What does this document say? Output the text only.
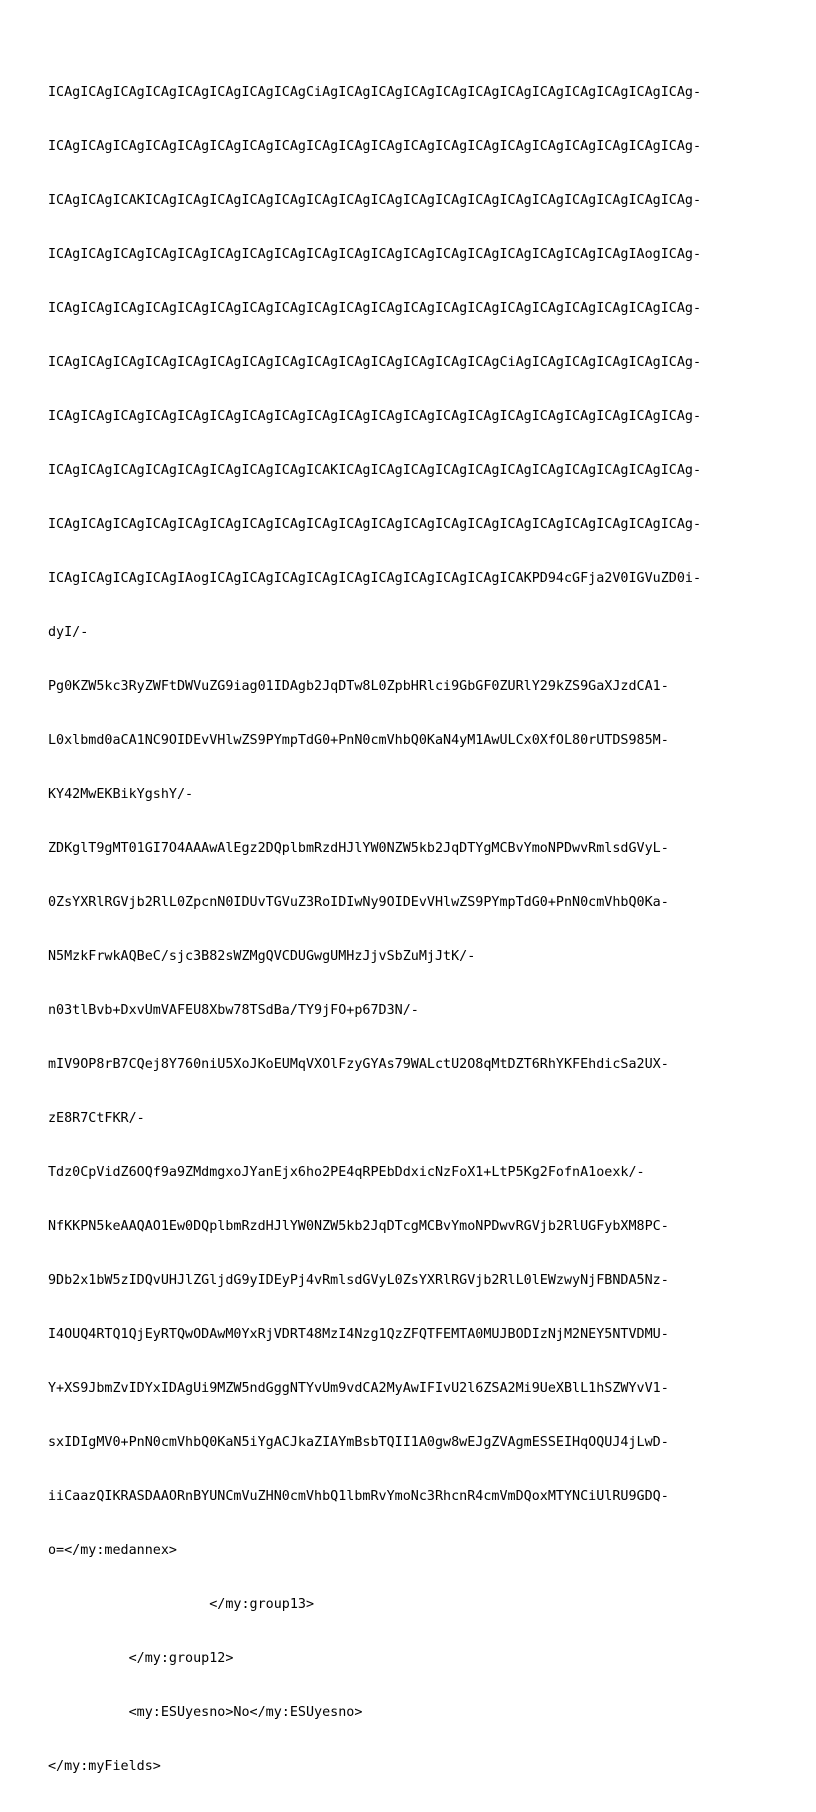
ICAgICAgICAgICAgICAgICAgICAgICAgCiAgICAgICAgICAgICAgICAgICAgICAgICAgICAgICAgICAg-

ICAgICAgICAgICAgICAgICAgICAgICAgICAgICAgICAgICAgICAgICAgICAgICAgICAgICAgICAgICAg-

ICAgICAgICAKICAgICAgICAgICAgICAgICAgICAgICAgICAgICAgICAgICAgICAgICAgICAgICAgICAg-

ICAgICAgICAgICAgICAgICAgICAgICAgICAgICAgICAgICAgICAgICAgICAgICAgICAgICAgIAogICAg-

ICAgICAgICAgICAgICAgICAgICAgICAgICAgICAgICAgICAgICAgICAgICAgICAgICAgICAgICAgICAg-

ICAgICAgICAgICAgICAgICAgICAgICAgICAgICAgICAgICAgICAgICAgCiAgICAgICAgICAgICAgICAg-

ICAgICAgICAgICAgICAgICAgICAgICAgICAgICAgICAgICAgICAgICAgICAgICAgICAgICAgICAgICAg-

ICAgICAgICAgICAgICAgICAgICAgICAgICAKICAgICAgICAgICAgICAgICAgICAgICAgICAgICAgICAg-

ICAgICAgICAgICAgICAgICAgICAgICAgICAgICAgICAgICAgICAgICAgICAgICAgICAgICAgICAgICAg-

ICAgICAgICAgICAgIAogICAgICAgICAgICAgICAgICAgICAgICAgICAgICAKPD94cGFja2V0IGVuZD0i-

dyI/-

Pg0KZW5kc3RyZWFtDWVuZG9iag01IDAgb2JqDTw8L0ZpbHRlci9GbGF0ZURlY29kZS9GaXJzdCA1-

L0xlbmd0aCA1NC9OIDEvVHlwZS9PYmpTdG0+PnN0cmVhbQ0KaN4yM1AwULCx0XfOL80rUTDS985M-

KY42MwEKBikYgshY/-

ZDKglT9gMT01GI7O4AAAwAlEgz2DQplbmRzdHJlYW0NZW5kb2JqDTYgMCBvYmoNPDwvRmlsdGVyL-

0ZsYXRlRGVjb2RlL0ZpcnN0IDUvTGVuZ3RoIDIwNy9OIDEvVHlwZS9PYmpTdG0+PnN0cmVhbQ0Ka-

N5MzkFrwkAQBeC/sjc3B82sWZMgQVCDUGwgUMHzJjvSbZuMjJtK/-

n03tlBvb+DxvUmVAFEU8Xbw78TSdBa/TY9jFO+p67D3N/-

mIV9OP8rB7CQej8Y760niU5XoJKoEUMqVXOlFzyGYAs79WALctU2O8qMtDZT6RhYKFEhdicSa2UX-

zE8R7CtFKR/-

Tdz0CpVidZ6OQf9a9ZMdmgxoJYanEjx6ho2PE4qRPEbDdxicNzFoX1+LtP5Kg2FofnA1oexk/-

NfKKPN5keAAQAO1Ew0DQplbmRzdHJlYW0NZW5kb2JqDTcgMCBvYmoNPDwvRGVjb2RlUGFybXM8PC-

9Db2x1bW5zIDQvUHJlZGljdG9yIDEyPj4vRmlsdGVyL0ZsYXRlRGVjb2RlL0lEWzwyNjFBNDA5Nz-

I4OUQ4RTQ1QjEyRTQwODAwM0YxRjVDRT48MzI4Nzg1QzZFQTFEMTA0MUJBODIzNjM2NEY5NTVDMU-

Y+XS9JbmZvIDYxIDAgUi9MZW5ndGggNTYvUm9vdCA2MyAwIFIvU2l6ZSA2Mi9UeXBlL1hSZWYvV1-

sxIDIgMV0+PnN0cmVhbQ0KaN5iYgACJkaZIAYmBsbTQII1A0gw8wEJgZVAgmESSEIHqOQUJ4jLwD-

iiCaazQIKRASDAAORnBYUNCmVuZHN0cmVhbQ1lbmRvYmoNc3RhcnR4cmVmDQoxMTYNCiUlRU9GDQ-

o=</my:medannex>

</my:group13>

</my:group12>

<my:ESUyesno>No</my:ESUyesno>

</my:myFields>
